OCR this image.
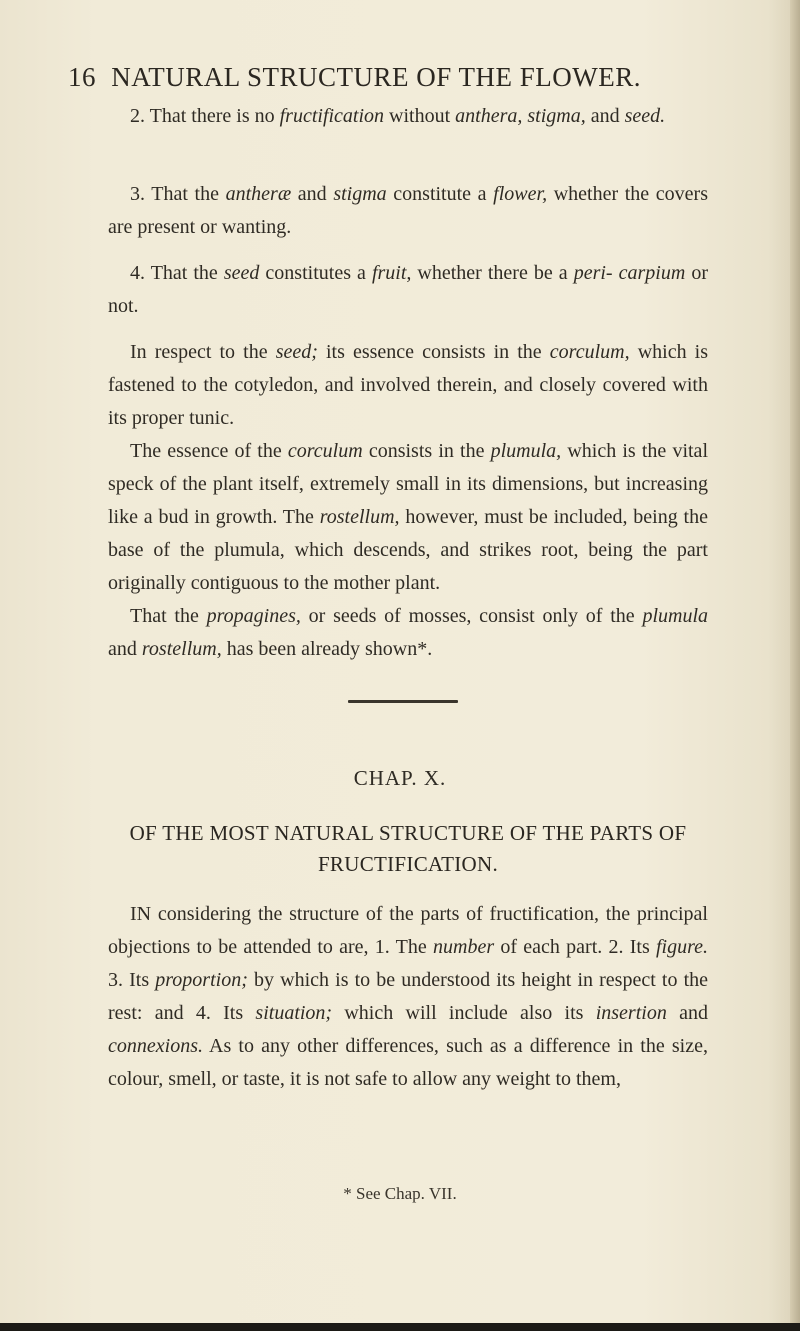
16 NATURAL STRUCTURE OF THE FLOWER.

2. That there is no fructification without anthera, stigma, and seed.

3. That the antheræ and stigma constitute a flower, whether the covers are present or wanting.

4. That the seed constitutes a fruit, whether there be a peri- carpium or not.

In respect to the seed; its essence consists in the corculum, which is fastened to the cotyledon, and involved therein, and closely covered with its proper tunic.

The essence of the corculum consists in the plumula, which is the vital speck of the plant itself, extremely small in its dimensions, but increasing like a bud in growth. The rostellum, however, must be included, being the base of the plumula, which descends, and strikes root, being the part originally contiguous to the mother plant.

That the propagines, or seeds of mosses, consist only of the plumula and rostellum, has been already shown*.

CHAP. X.
OF THE MOST NATURAL STRUCTURE OF THE PARTS OF FRUCTIFICATION.

IN considering the structure of the parts of fructification, the principal objections to be attended to are, 1. The number of each part. 2. Its figure. 3. Its proportion; by which is to be understood its height in respect to the rest: and 4. Its situation; which will include also its insertion and connexions. As to any other differences, such as a difference in the size, colour, smell, or taste, it is not safe to allow any weight to them,

* See Chap. VII.
